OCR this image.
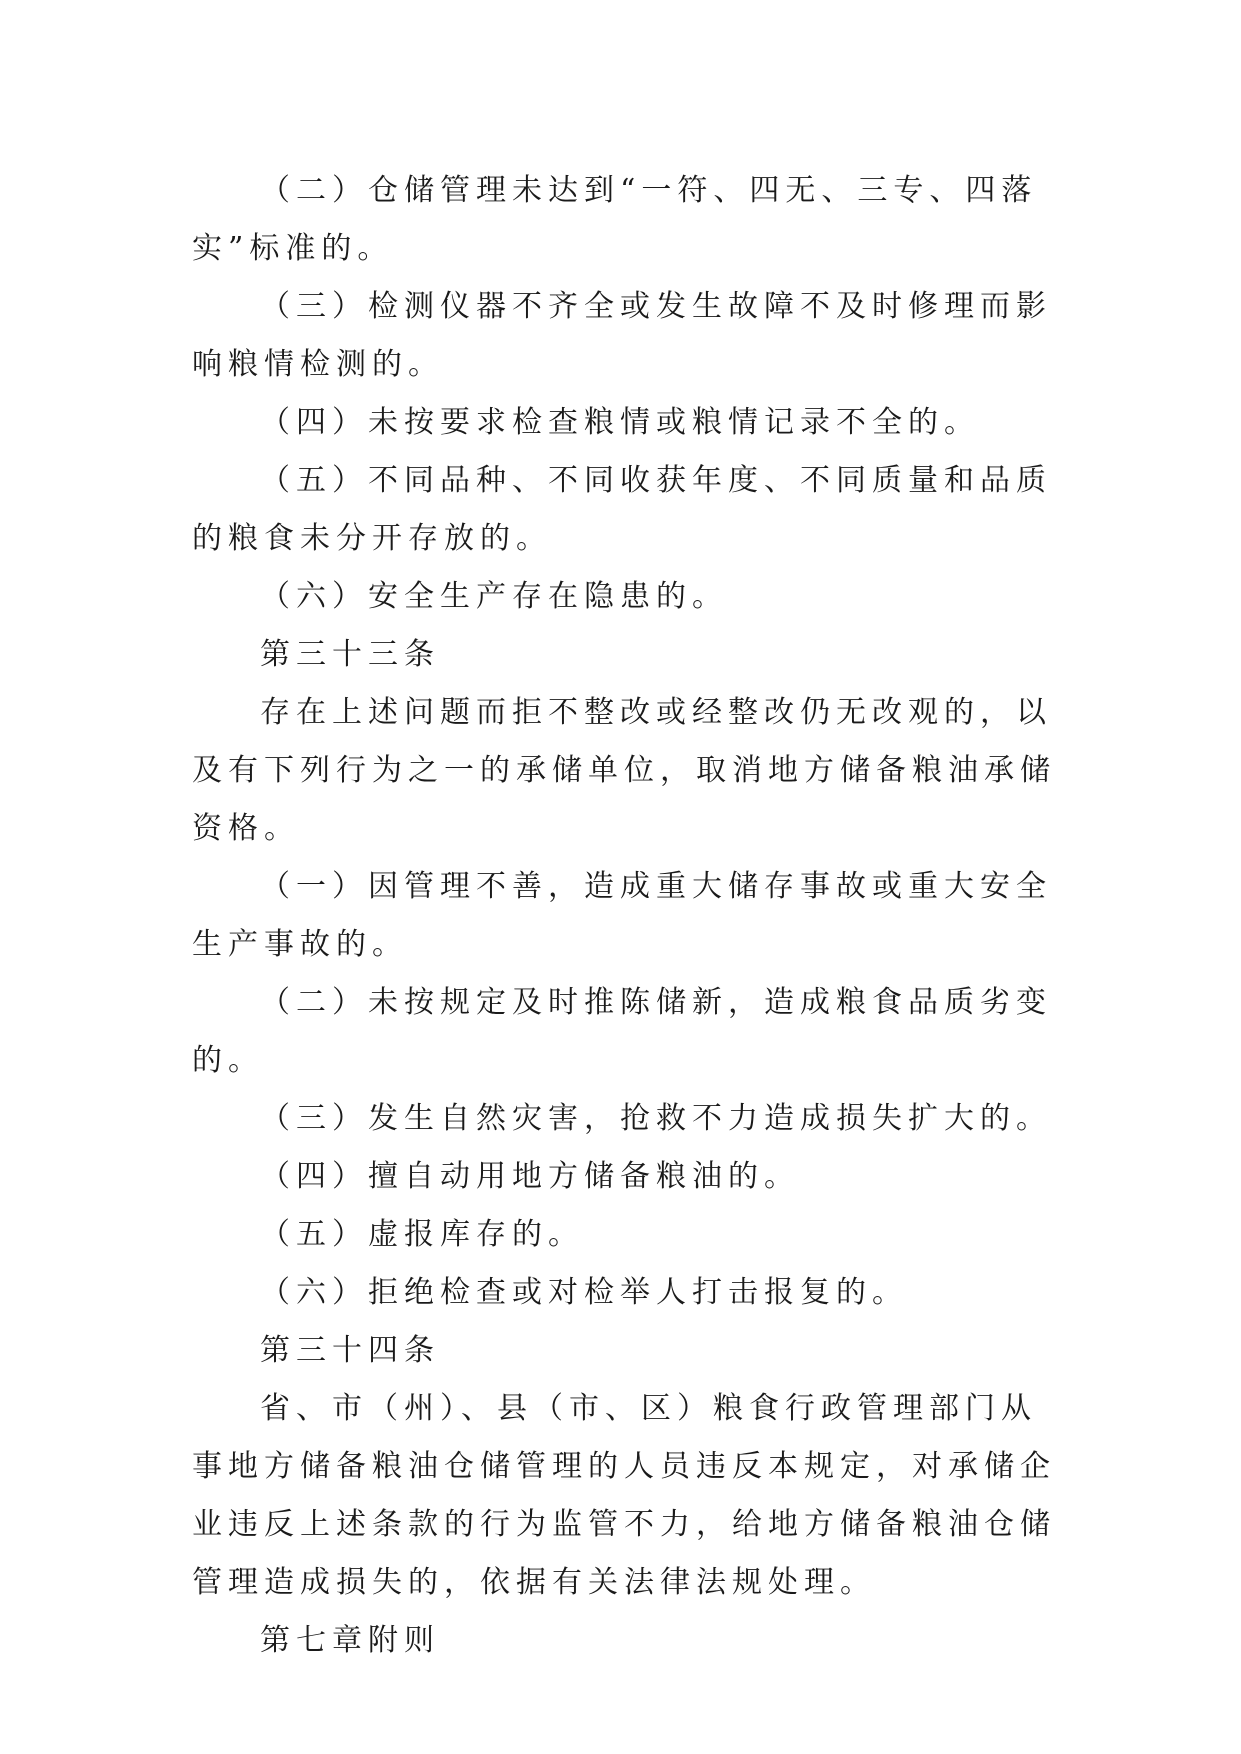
（二）仓储管理未达到“一符、四无、三专、四落实”标准的。

（三）检测仪器不齐全或发生故障不及时修理而影响粮情检测的。

（四）未按要求检查粮情或粮情记录不全的。

（五）不同品种、不同收获年度、不同质量和品质的粮食未分开存放的。

（六）安全生产存在隐患的。

第三十三条

存在上述问题而拒不整改或经整改仍无改观的，以及有下列行为之一的承储单位，取消地方储备粮油承储资格。

（一）因管理不善，造成重大储存事故或重大安全生产事故的。

（二）未按规定及时推陈储新，造成粮食品质劣变的。

（三）发生自然灾害，抢救不力造成损失扩大的。

（四）擅自动用地方储备粮油的。

（五）虚报库存的。

（六）拒绝检查或对检举人打击报复的。

第三十四条

省、市（州）、县（市、区）粮食行政管理部门从事地方储备粮油仓储管理的人员违反本规定，对承储企业违反上述条款的行为监管不力，给地方储备粮油仓储管理造成损失的，依据有关法律法规处理。

第七章附则
